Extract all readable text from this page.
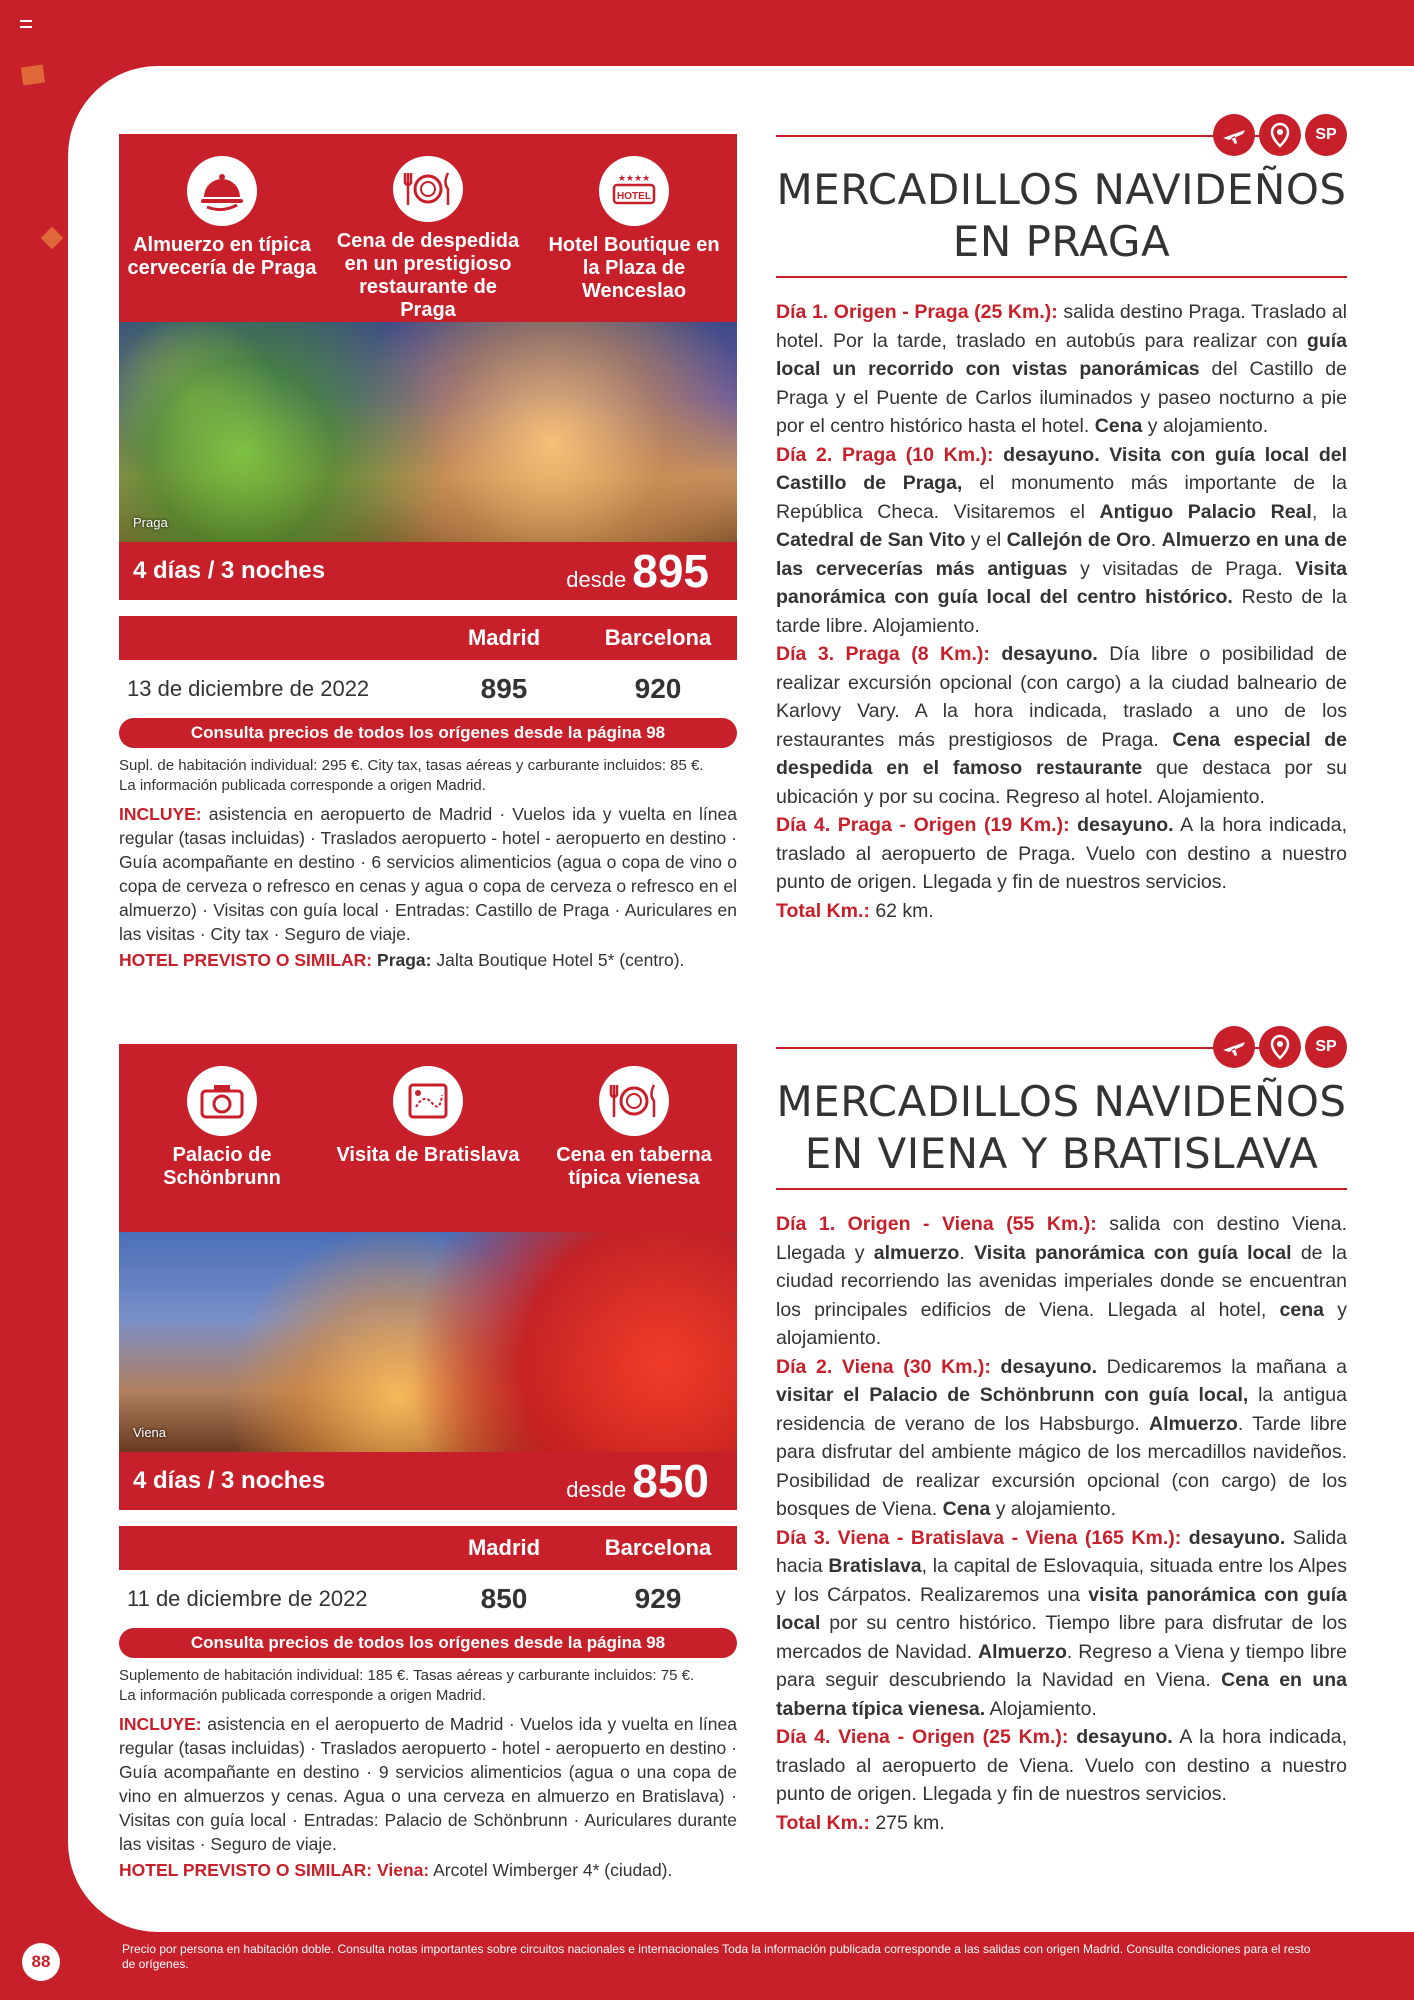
Almuerzo en típica cervecería de Praga
Cena de despedida en un prestigioso restaurante de Praga
★★★★
HOTEL
Hotel Boutique en la Plaza de Wenceslao
Praga
4 días / 3 noches	desde 895
Madrid	Barcelona
13 de diciembre de 2022	895	920
Consulta precios de todos los orígenes desde la página 98
Supl. de habitación individual: 295 €. City tax, tasas aéreas y carburante incluidos: 85 €.
La información publicada corresponde a origen Madrid.
INCLUYE: asistencia en aeropuerto de Madrid · Vuelos ida y vuelta en línea regular (tasas incluidas) · Traslados aeropuerto - hotel - aeropuerto en destino · Guía acompañante en destino · 6 servicios alimenticios (agua o copa de vino o copa de cerveza o refresco en cenas y agua o copa de cerveza o refresco en el almuerzo) · Visitas con guía local · Entradas: Castillo de Praga · Auriculares en las visitas · City tax · Seguro de viaje.
HOTEL PREVISTO O SIMILAR: Praga: Jalta Boutique Hotel 5* (centro).
SP
MERCADILLOS NAVIDEÑOS
EN PRAGA

Día 1. Origen - Praga (25 Km.): salida destino Praga. Traslado al hotel. Por la tarde, traslado en autobús para realizar con guía local un recorrido con vistas panorámicas del Castillo de Praga y el Puente de Carlos iluminados y paseo nocturno a pie por el centro histórico hasta el hotel. Cena y alojamiento.

Día 2. Praga (10 Km.): desayuno. Visita con guía local del Castillo de Praga, el monumento más importante de la República Checa. Visitaremos el Antiguo Palacio Real, la Catedral de San Vito y el Callejón de Oro. Almuerzo en una de las cervecerías más antiguas y visitadas de Praga. Visita panorámica con guía local del centro histórico. Resto de la tarde libre. Alojamiento.

Día 3. Praga (8 Km.): desayuno. Día libre o posibilidad de realizar excursión opcional (con cargo) a la ciudad balneario de Karlovy Vary. A la hora indicada, traslado a uno de los restaurantes más prestigiosos de Praga. Cena especial de despedida en el famoso restaurante que destaca por su ubicación y por su cocina. Regreso al hotel. Alojamiento.

Día 4. Praga - Origen (19 Km.): desayuno. A la hora indicada, traslado al aeropuerto de Praga. Vuelo con destino a nuestro punto de origen. Llegada y fin de nuestros servicios.

Total Km.: 62 km.
Palacio de Schönbrunn
Visita de Bratislava	Cena en taberna típica vienesa
Viena
4 días / 3 noches	desde 850
Madrid	Barcelona
11 de diciembre de 2022	850	929
Consulta precios de todos los orígenes desde la página 98
Suplemento de habitación individual: 185 €. Tasas aéreas y carburante incluidos: 75 €.
La información publicada corresponde a origen Madrid.
INCLUYE: asistencia en el aeropuerto de Madrid · Vuelos ida y vuelta en línea regular (tasas incluidas) · Traslados aeropuerto - hotel - aeropuerto en destino · Guía acompañante en destino · 9 servicios alimenticios (agua o una copa de vino en almuerzos y cenas. Agua o una cerveza en almuerzo en Bratislava) · Visitas con guía local · Entradas: Palacio de Schönbrunn · Auriculares durante las visitas · Seguro de viaje.
HOTEL PREVISTO O SIMILAR: Viena: Arcotel Wimberger 4* (ciudad).
SP
MERCADILLOS NAVIDEÑOS
EN VIENA Y BRATISLAVA

Día 1. Origen - Viena (55 Km.): salida con destino Viena. Llegada y almuerzo. Visita panorámica con guía local de la ciudad recorriendo las avenidas imperiales donde se encuentran los principales edificios de Viena. Llegada al hotel, cena y alojamiento.

Día 2. Viena (30 Km.): desayuno. Dedicaremos la mañana a visitar el Palacio de Schönbrunn con guía local, la antigua residencia de verano de los Habsburgo. Almuerzo. Tarde libre para disfrutar del ambiente mágico de los mercadillos navideños. Posibilidad de realizar excursión opcional (con cargo) de los bosques de Viena. Cena y alojamiento.

Día 3. Viena - Bratislava - Viena (165 Km.): desayuno. Salida hacia Bratislava, la capital de Eslovaquia, situada entre los Alpes y los Cárpatos. Realizaremos una visita panorámica con guía local por su centro histórico. Tiempo libre para disfrutar de los mercados de Navidad. Almuerzo. Regreso a Viena y tiempo libre para seguir descubriendo la Navidad en Viena. Cena en una taberna típica vienesa. Alojamiento.

Día 4. Viena - Origen (25 Km.): desayuno. A la hora indicada, traslado al aeropuerto de Viena. Vuelo con destino a nuestro punto de origen. Llegada y fin de nuestros servicios.

Total Km.: 275 km.
88
Precio por persona en habitación doble. Consulta notas importantes sobre circuitos nacionales e internacionales Toda la información publicada corresponde a las salidas con origen Madrid. Consulta condiciones para el resto de orígenes.
